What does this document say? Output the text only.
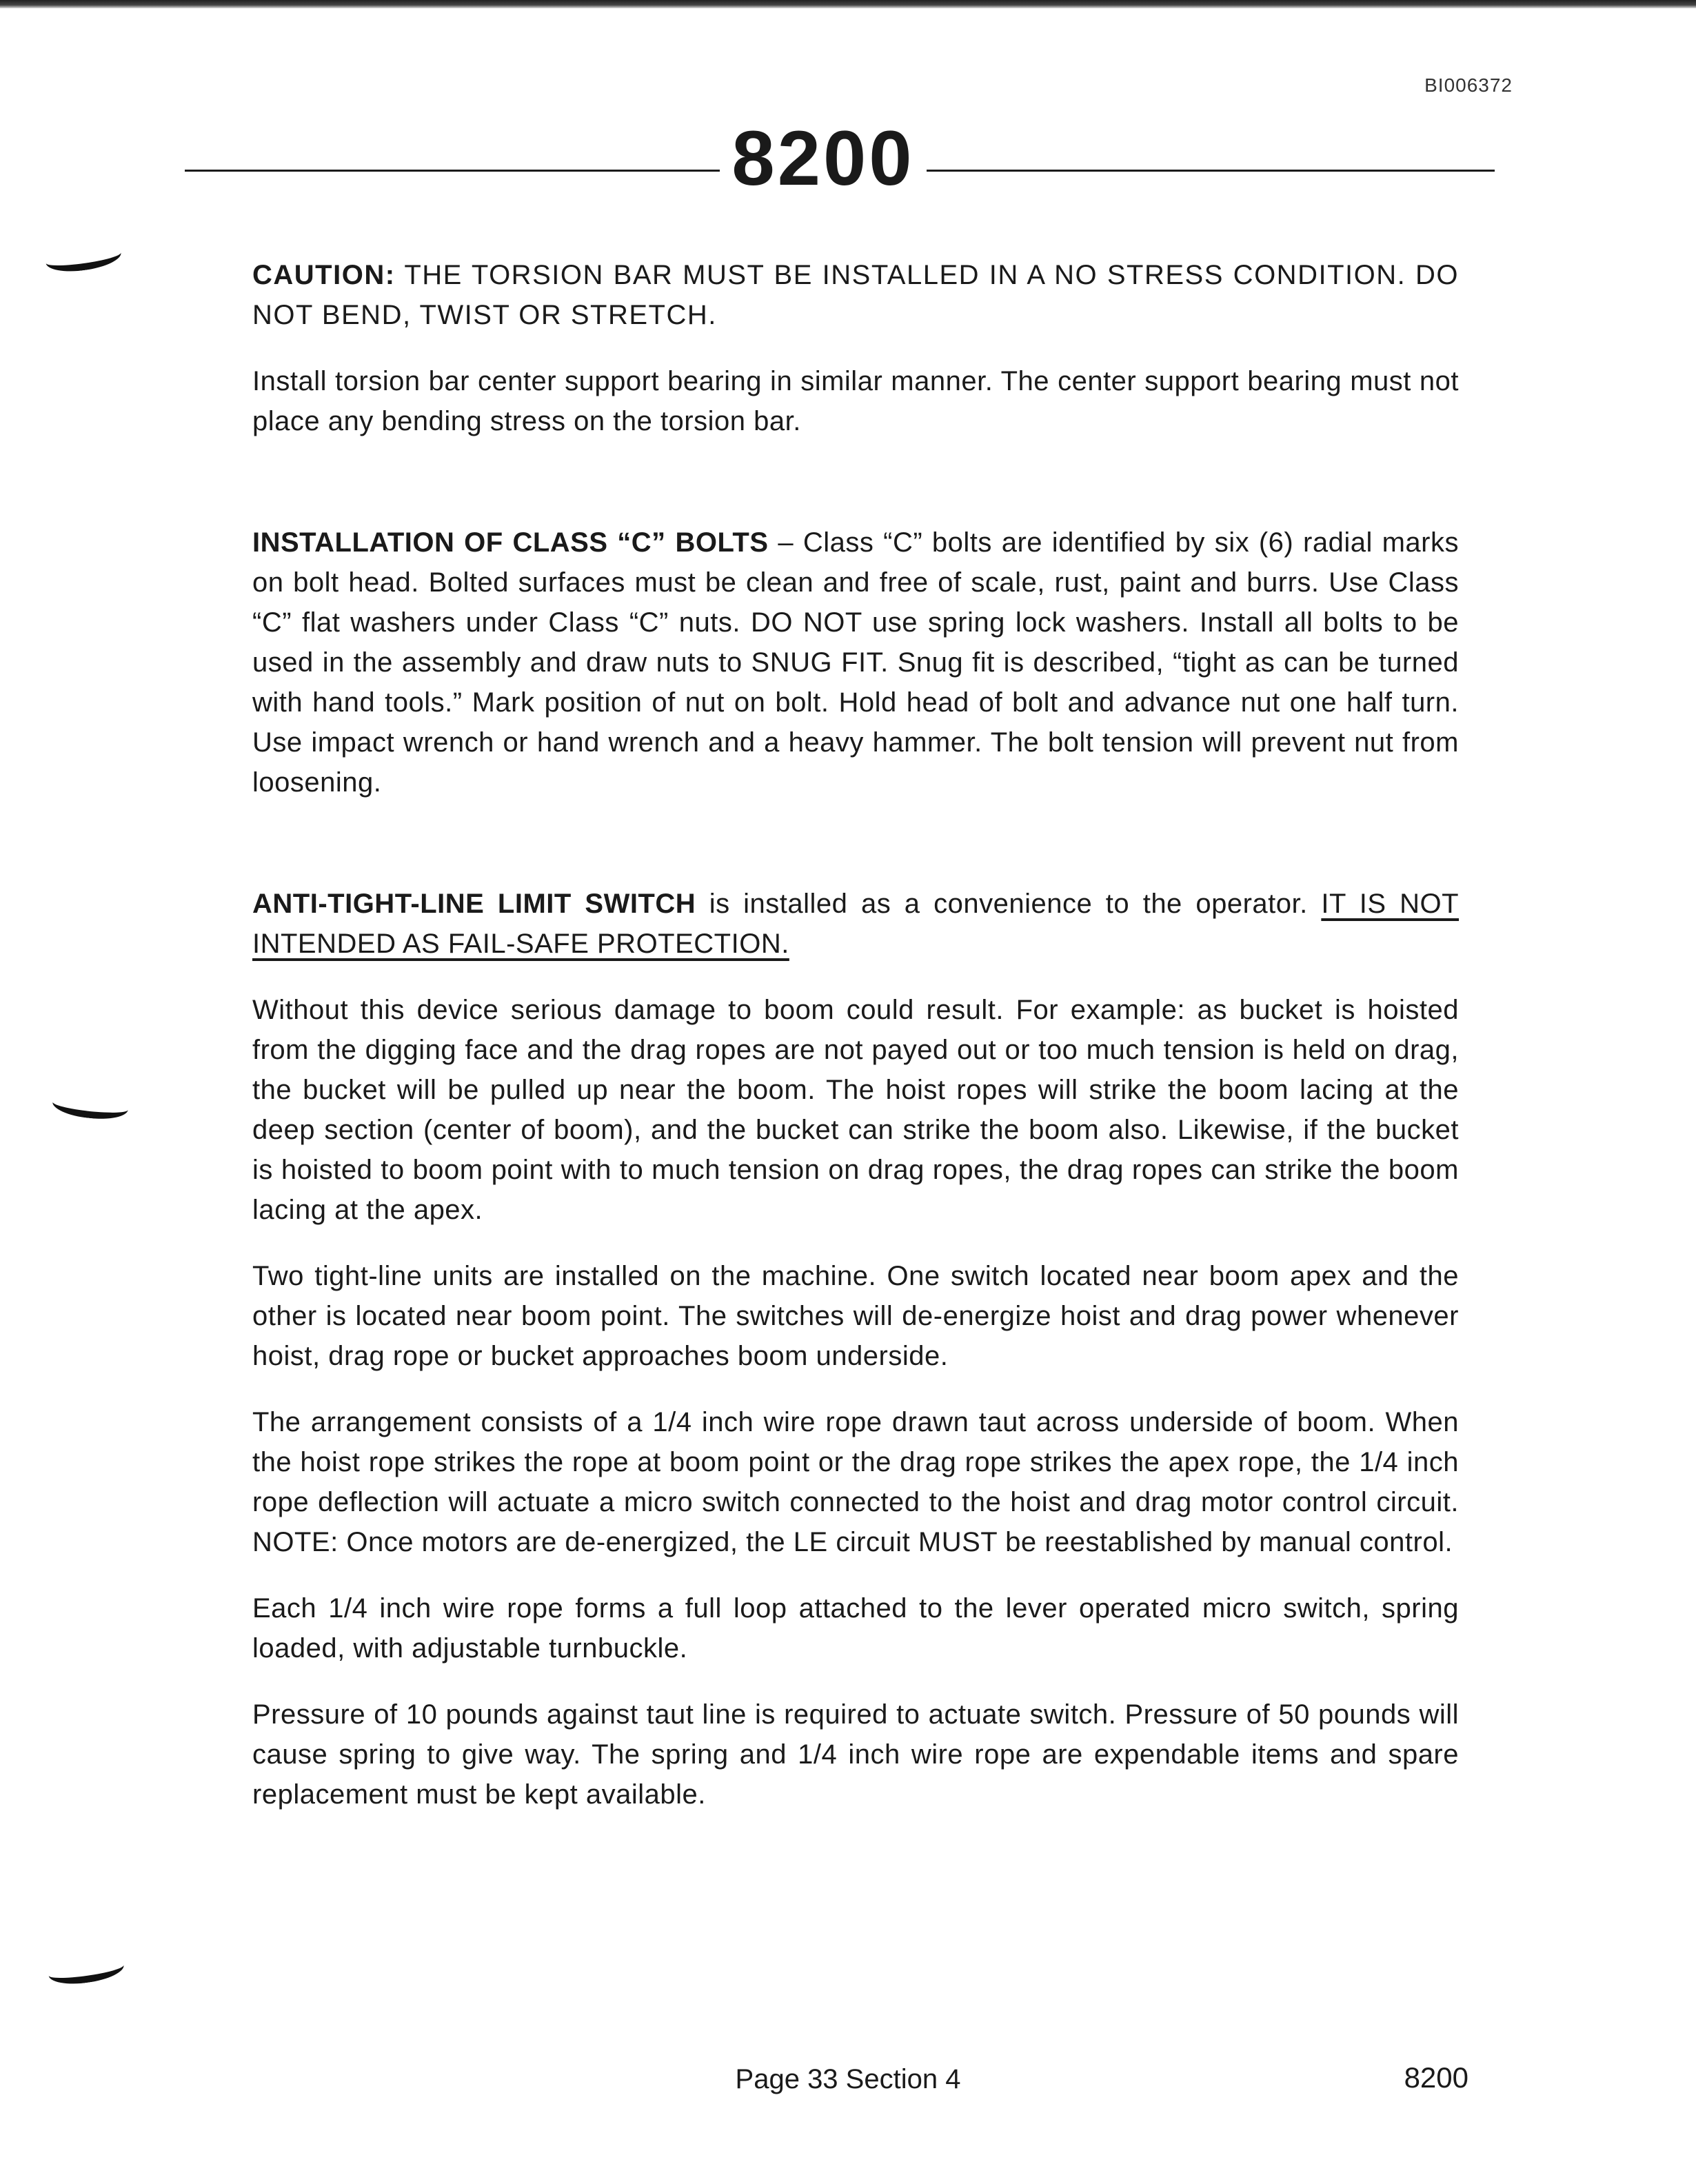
BI006372
8200

CAUTION: THE TORSION BAR MUST BE INSTALLED IN A NO STRESS CONDITION. DO NOT BEND, TWIST OR STRETCH.

Install torsion bar center support bearing in similar manner. The center support bearing must not place any bending stress on the torsion bar.

INSTALLATION OF CLASS “C” BOLTS – Class “C” bolts are identified by six (6) radial marks on bolt head. Bolted surfaces must be clean and free of scale, rust, paint and burrs. Use Class “C” flat washers under Class “C” nuts. DO NOT use spring lock washers. Install all bolts to be used in the assembly and draw nuts to SNUG FIT. Snug fit is described, “tight as can be turned with hand tools.” Mark position of nut on bolt. Hold head of bolt and advance nut one half turn. Use impact wrench or hand wrench and a heavy hammer. The bolt tension will prevent nut from loosening.

ANTI-TIGHT-LINE LIMIT SWITCH is installed as a convenience to the operator. IT IS NOT INTENDED AS FAIL-SAFE PROTECTION.

Without this device serious damage to boom could result. For example: as bucket is hoisted from the digging face and the drag ropes are not payed out or too much tension is held on drag, the bucket will be pulled up near the boom. The hoist ropes will strike the boom lacing at the deep section (center of boom), and the bucket can strike the boom also. Likewise, if the bucket is hoisted to boom point with to much tension on drag ropes, the drag ropes can strike the boom lacing at the apex.

Two tight-line units are installed on the machine. One switch located near boom apex and the other is located near boom point. The switches will de-energize hoist and drag power whenever hoist, drag rope or bucket approaches boom underside.

The arrangement consists of a 1/4 inch wire rope drawn taut across underside of boom. When the hoist rope strikes the rope at boom point or the drag rope strikes the apex rope, the 1/4 inch rope deflection will actuate a micro switch connected to the hoist and drag motor control circuit. NOTE: Once motors are de-energized, the LE circuit MUST be reestablished by manual control.

Each 1/4 inch wire rope forms a full loop attached to the lever operated micro switch, spring loaded, with adjustable turnbuckle.

Pressure of 10 pounds against taut line is required to actuate switch. Pressure of 50 pounds will cause spring to give way. The spring and 1/4 inch wire rope are expendable items and spare replacement must be kept available.

Page 33 Section 4	8200
